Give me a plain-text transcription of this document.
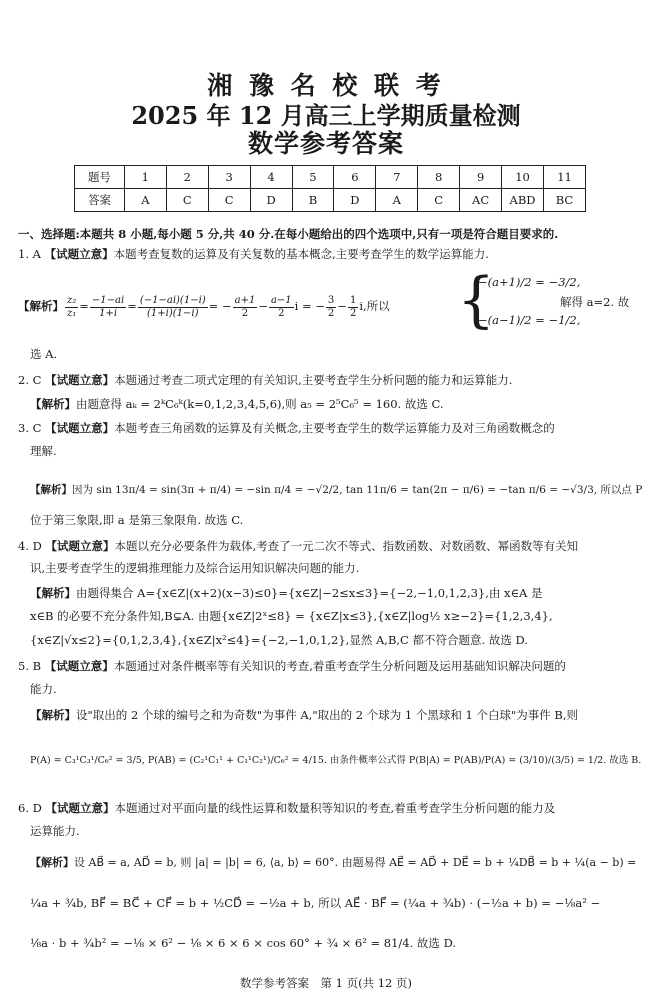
湘 豫 名 校 联 考
2025 年 12 月高三上学期质量检测
数学参考答案
题号	1	2	3	4	5	6	7	8	9	10	11
答案	A	C	C	D	B	D	A	C	AC	ABD	BC
一、选择题:本题共 8 小题,每小题 5 分,共 40 分.在每小题给出的四个选项中,只有一项是符合题目要求的.
1. A 【试题立意】本题考查复数的运算及有关复数的基本概念,主要考查学生的数学运算能力.
【解析】 $\frac{\text{z₂}}{\text{z₁}} = \frac{-1-ai}{1+i} = \frac{(-1-ai)(1-i)}{(1+i)(1-i)}$ = − $\frac{a+1}{2} - \frac{a-1}{2}$ i = − $\frac{3}{2} - \frac{1}{2} i$,所以	{
−(a+1)/2 = −3/2,
−(a−1)/2 = −1/2,
解得 a=2. 故
选 A.
2. C 【试题立意】本题通过考查二项式定理的有关知识,主要考查学生分析问题的能力和运算能力.
【解析】由题意得 aₖ = 2ᵏC₆ᵏ(k=0,1,2,3,4,5,6),则 a₅ = 2⁵C₆⁵ = 160. 故选 C.
3. C 【试题立意】本题考查三角函数的运算及有关概念,主要考查学生的数学运算能力及对三角函数概念的
理解.
【解析】因为 sin 13π/4 = sin(3π + π/4) = −sin π/4 = −√2/2, tan 11π/6 = tan(2π − π/6) = −tan π/6 = −√3/3, 所以点 P
位于第三象限,即 a 是第三象限角. 故选 C.
4. D 【试题立意】本题以充分必要条件为载体,考查了一元二次不等式、指数函数、对数函数、幂函数等有关知
识,主要考查学生的逻辑推理能力及综合运用知识解决问题的能力.
【解析】由题得集合 A={x∈Z|(x+2)(x−3)≤0}={x∈Z|−2≤x≤3}={−2,−1,0,1,2,3},由 x∈A 是
x∈B 的必要不充分条件知,B⊊A. 由题{x∈Z|2ˣ≤8} = {x∈Z|x≤3},{x∈Z|log½ x≥−2}={1,2,3,4},
{x∈Z|√x≤2}={0,1,2,3,4},{x∈Z|x²≤4}={−2,−1,0,1,2},显然 A,B,C 都不符合题意. 故选 D.
5. B 【试题立意】本题通过对条件概率等有关知识的考查,着重考查学生分析问题及运用基础知识解决问题的
能力.
【解析】设"取出的 2 个球的编号之和为奇数"为事件 A,"取出的 2 个球为 1 个黑球和 1 个白球"为事件 B,则
P(A) = C₃¹C₃¹/C₆² = 3/5, P(AB) = (C₂¹C₁¹ + C₁¹C₂¹)/C₆² = 4/15. 由条件概率公式得 P(B|A) = P(AB)/P(A) = (3/10)/(3/5) = 1/2. 故选 B.
6. D 【试题立意】本题通过对平面向量的线性运算和数量积等知识的考查,着重考查学生分析问题的能力及
运算能力.
【解析】设 AB⃗ = a, AD⃗ = b, 则 |a| = |b| = 6, ⟨a, b⟩ = 60°. 由题易得 AE⃗ = AD⃗ + DE⃗ = b + ¼DB⃗ = b + ¼(a − b) =
¼a + ¾b, BF⃗ = BC⃗ + CF⃗ = b + ½CD⃗ = −½a + b, 所以 AE⃗ · BF⃗ = (¼a + ¾b) · (−½a + b) = −⅛a² −
⅛a · b + ¾b² = −⅛ × 6² − ⅛ × 6 × 6 × cos 60° + ¾ × 6² = 81/4. 故选 D.
数学参考答案　第 1 页(共 12 页)
